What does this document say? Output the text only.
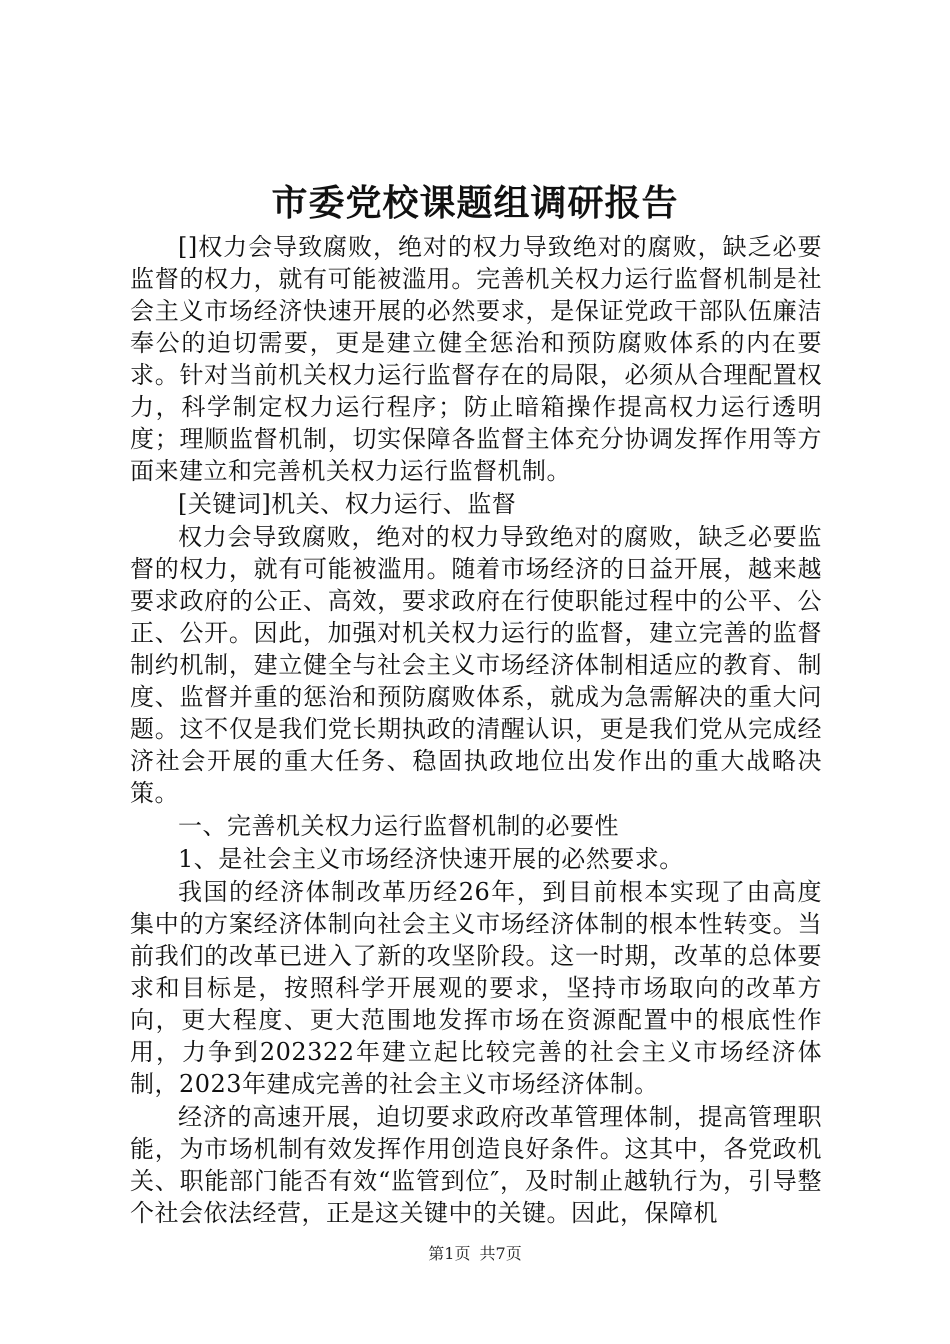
市委党校课题组调研报告

[]权力会导致腐败，绝对的权力导致绝对的腐败，缺乏必要监督的权力，就有可能被滥用。完善机关权力运行监督机制是社会主义市场经济快速开展的必然要求，是保证党政干部队伍廉洁奉公的迫切需要，更是建立健全惩治和预防腐败体系的内在要求。针对当前机关权力运行监督存在的局限，必须从合理配置权力，科学制定权力运行程序；防止暗箱操作提高权力运行透明度；理顺监督机制，切实保障各监督主体充分协调发挥作用等方面来建立和完善机关权力运行监督机制。

[关键词]机关、权力运行、监督

权力会导致腐败，绝对的权力导致绝对的腐败，缺乏必要监督的权力，就有可能被滥用。随着市场经济的日益开展，越来越要求政府的公正、高效，要求政府在行使职能过程中的公平、公正、公开。因此，加强对机关权力运行的监督，建立完善的监督制约机制，建立健全与社会主义市场经济体制相适应的教育、制度、监督并重的惩治和预防腐败体系，就成为急需解决的重大问题。这不仅是我们党长期执政的清醒认识，更是我们党从完成经济社会开展的重大任务、稳固执政地位出发作出的重大战略决策。

一、完善机关权力运行监督机制的必要性

1、是社会主义市场经济快速开展的必然要求。

我国的经济体制改革历经26年，到目前根本实现了由高度集中的方案经济体制向社会主义市场经济体制的根本性转变。当前我们的改革已进入了新的攻坚阶段。这一时期，改革的总体要求和目标是，按照科学开展观的要求，坚持市场取向的改革方向，更大程度、更大范围地发挥市场在资源配置中的根底性作用，力争到202322年建立起比较完善的社会主义市场经济体制，2023年建成完善的社会主义市场经济体制。

经济的高速开展，迫切要求政府改革管理体制，提高管理职能，为市场机制有效发挥作用创造良好条件。这其中，各党政机关、职能部门能否有效“监管到位″，及时制止越轨行为，引导整个社会依法经营，正是这关键中的关键。因此，保障机

第1页 共7页
